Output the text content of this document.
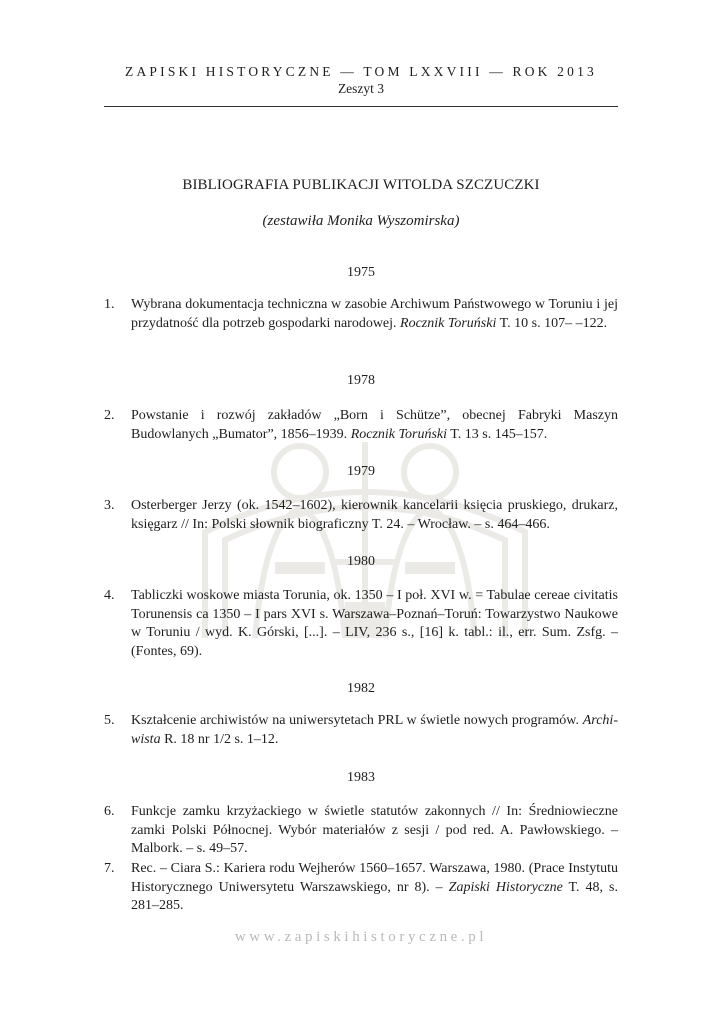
ZAPISKI HISTORYCZNE — TOM LXXVIII — ROK 2013
Zeszyt 3
BIBLIOGRAFIA PUBLIKACJI WITOLDA SZCZUCZKI
(zestawiła Monika Wyszomirska)
1975
1.	Wybrana dokumentacja techniczna w zasobie Archiwum Państwowego w Toruniu i jej przydatność dla potrzeb gospodarki narodowej. Rocznik Toruński T. 10 s. 107– –122.
1978
2.	Powstanie i rozwój zakładów „Born i Schütze”, obecnej Fabryki Maszyn Budowlanych „Bumator”, 1856–1939. Rocznik Toruński T. 13 s. 145–157.
1979
3.	Osterberger Jerzy (ok. 1542–1602), kierownik kancelarii księcia pruskiego, drukarz, księgarz // In: Polski słownik biograficzny T. 24. – Wrocław. – s. 464–466.
1980
4.	Tabliczki woskowe miasta Torunia, ok. 1350 – I poł. XVI w. = Tabulae cereae civitatis Torunensis ca 1350 – I pars XVI s. Warszawa–Poznań–Toruń: Towarzystwo Naukowe w Toruniu / wyd. K. Górski, [...]. – LIV, 236 s., [16] k. tabl.: il., err. Sum. Zsfg. – (Fontes, 69).
1982
5.	Kształcenie archiwistów na uniwersytetach PRL w świetle nowych programów. Archiwista R. 18 nr 1/2 s. 1–12.
1983
6.	Funkcje zamku krzyżackiego w świetle statutów zakonnych // In: Średniowieczne zamki Polski Północnej. Wybór materiałów z sesji / pod red. A. Pawłowskiego. – Malbork. – s. 49–57.
7.	Rec. – Ciara S.: Kariera rodu Wejherów 1560–1657. Warszawa, 1980. (Prace Instytutu Historycznego Uniwersytetu Warszawskiego, nr 8). – Zapiski Historyczne T. 48, s. 281–285.
www.zapiskihistoryczne.pl
